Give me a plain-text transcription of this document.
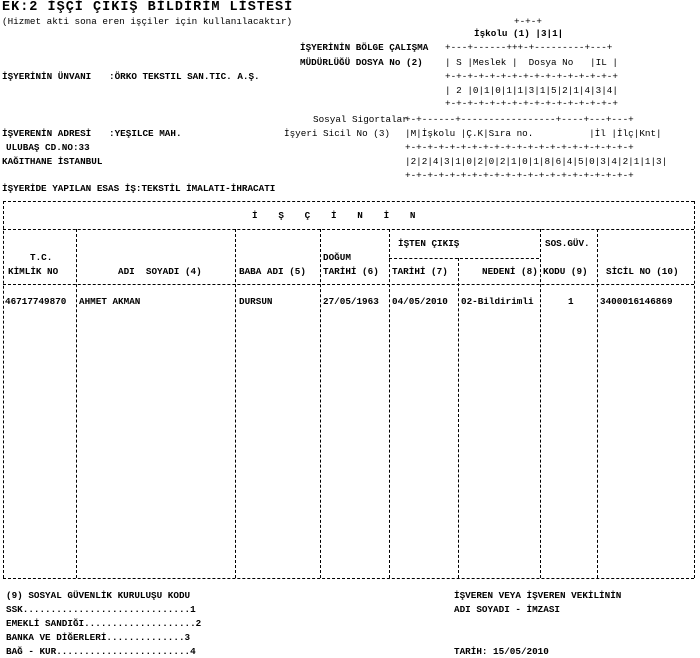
EK:2 İŞÇİ ÇIKIŞ BİLDİRİM LİSTESİ
(Hizmet akti sona eren işçiler için kullanılacaktır)	+-+-+
İşkolu (1) |3|1|
İŞYERİNİN BÖLGE ÇALIŞMA +---+------+++-+---------+---+
MÜDÜRLÜĞÜ DOSYA No (2) | S |Meslek |  Dosya No   |IL |
+-+-+-+-+-+-+-+-+-+-+-+-+-+-+-+
| 2 |0|1|0|1|1|3|1|5|2|1|4|3|4|
+-+-+-+-+-+-+-+-+-+-+-+-+-+-+-+
İŞYERİNİN ÜNVANI :ÖRKO TEKSTIL SAN.TIC. A.Ş.
Sosyal Sigortalar
+-+------+-----------------+----+---+---+
İŞVERENİN ADRESİ :YEŞILCE MAH.	İşyeri Sicil No (3) |M|İşkolu |Ç.K|Sıra no.          |İl |İlç|Knt|
ULUBAŞ CD.NO:33	+-+-+-+-+-+-+-+-+-+-+-+-+-+-+-+-+-+-+-+-+
KAĞITHANE İSTANBUL	|2|2|4|3|1|0|2|0|2|1|0|1|8|6|4|5|0|3|4|2|1|1|3|
+-+-+-+-+-+-+-+-+-+-+-+-+-+-+-+-+-+-+-+-+
İŞYERİDE YAPILAN ESAS İŞ:TEKSTİL İMALATI-İHRACATI
İ   Ş   Ç   İ   N   İ   N
İŞTEN ÇIKIŞ	SOS.GÜV.
DOĞUM
T.C.
KİMLİK NO	ADI  SOYADI (4)	BABA ADI (5) TARİHİ (6) TARİHİ (7)	NEDENİ (8) KODU (9) SİCİL NO (10)
46717749870 AHMET AKMAN	DURSUN	27/05/1963 04/05/2010 02-Bildirimli	1	3400016146869
(9) SOSYAL GÜVENLİK KURULUŞU KODU
SSK..............................1
EMEKLİ SANDIĞI....................2
BANKA VE DİĞERLERİ..............3
BAĞ - KUR........................4
İŞVEREN VEYA İŞVEREN VEKİLİNİN
ADI SOYADI - İMZASI
TARİH: 15/05/2010
